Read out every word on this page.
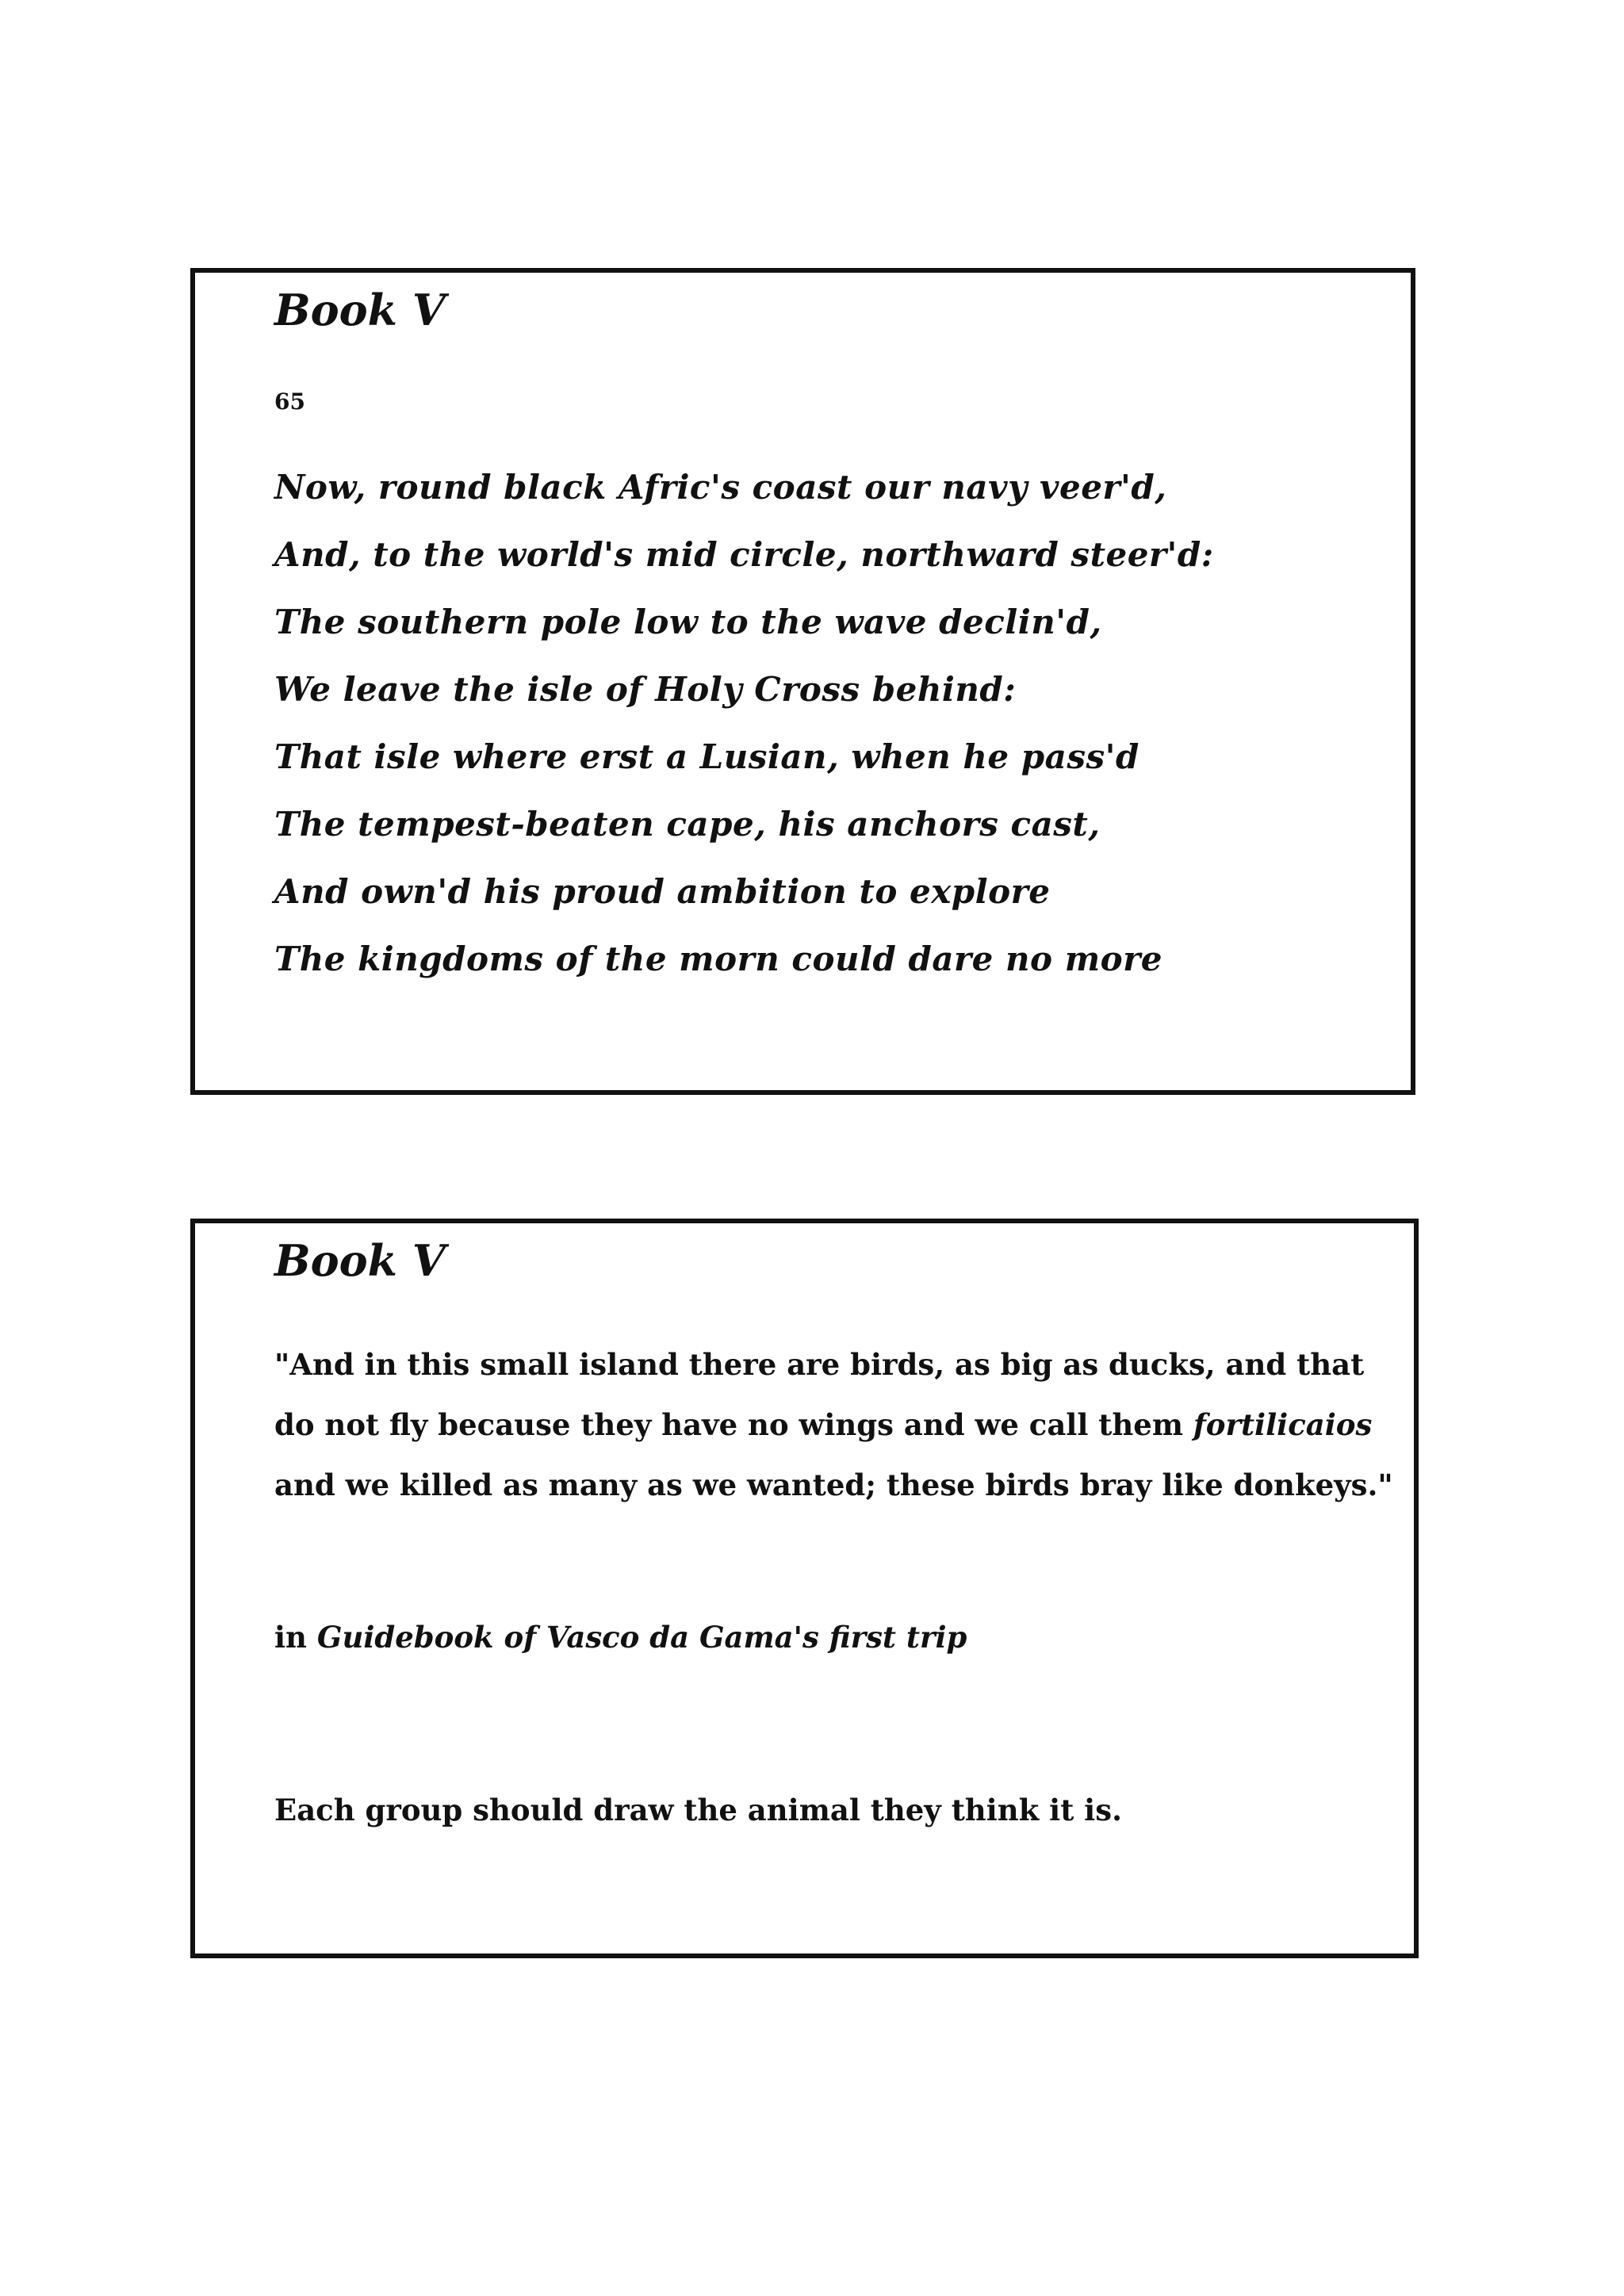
Book V
65
Now, round black Afric's coast our navy veer'd,
And, to the world's mid circle, northward steer'd:
The southern pole low to the wave declin'd,
We leave the isle of Holy Cross behind:
That isle where erst a Lusian, when he pass'd
The tempest-beaten cape, his anchors cast,
And own'd his proud ambition to explore
The kingdoms of the morn could dare no more
Book V

"And in this small island there are birds, as big as ducks, and that
do not fly because they have no wings and we call them fortilicaios
and we killed as many as we wanted; these birds bray like donkeys."

in Guidebook of Vasco da Gama's first trip
Each group should draw the animal they think it is.
